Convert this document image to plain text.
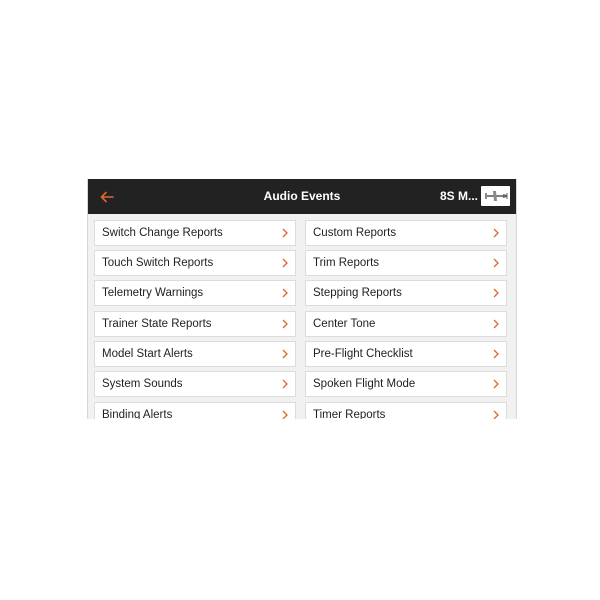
Audio Events	8S M...
Switch Change Reports
Touch Switch Reports
Telemetry Warnings
Trainer State Reports
Model Start Alerts
System Sounds
Binding Alerts
Custom Reports
Trim Reports
Stepping Reports
Center Tone
Pre-Flight Checklist
Spoken Flight Mode
Timer Reports
